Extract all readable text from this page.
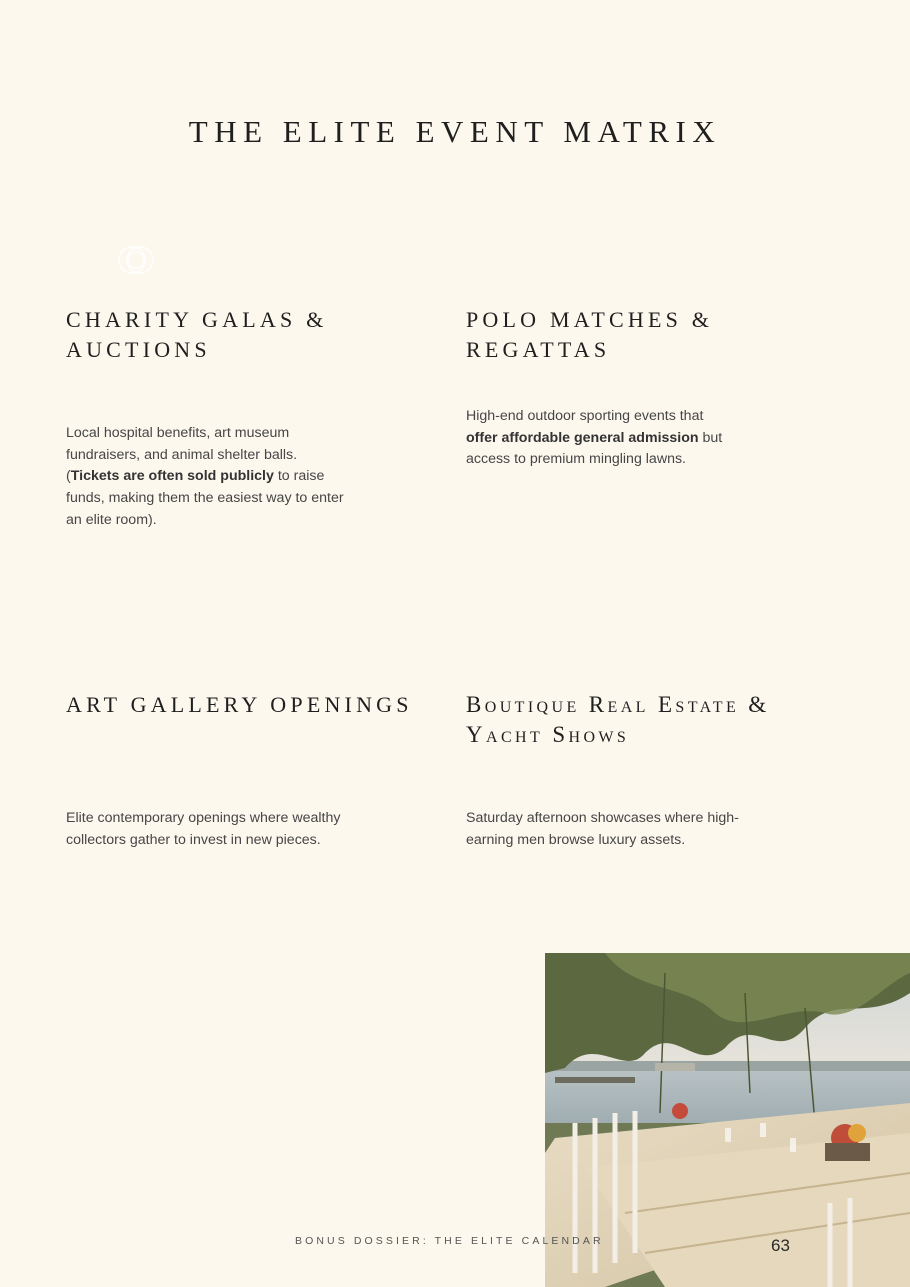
THE ELITE EVENT MATRIX
CHARITY GALAS &
AUCTIONS

Local hospital benefits, art museum fundraisers, and animal shelter balls. (Tickets are often sold publicly to raise funds, making them the easiest way to enter an elite room).

POLO MATCHES &
REGATTAS

High-end outdoor sporting events that offer affordable general admission but access to premium mingling lawns.

ART GALLERY OPENINGS

Elite contemporary openings where wealthy collectors gather to invest in new pieces.

Boutique Real Estate &
Yacht Shows

Saturday afternoon showcases where high-earning men browse luxury assets.

BONUS DOSSIER: THE ELITE CALENDAR	63
